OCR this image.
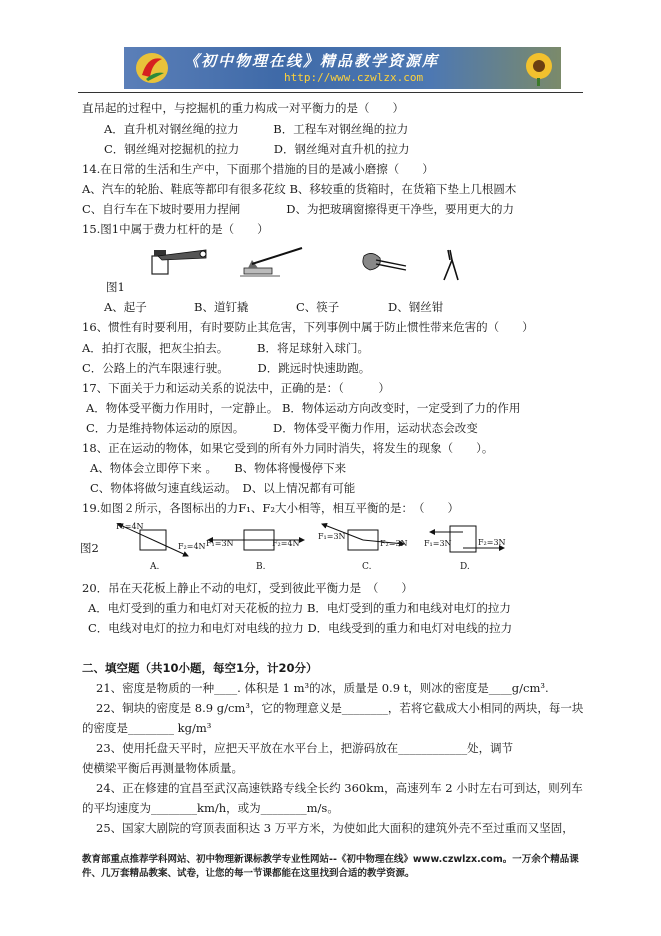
《初中物理在线》精品教学资源库
http://www.czwlzx.com
直吊起的过程中，与挖掘机的重力构成一对平衡力的是（　　）
A．直升机对钢丝绳的拉力　　　B．工程车对钢丝绳的拉力
C．钢丝绳对挖掘机的拉力　　　D．钢丝绳对直升机的拉力
14.在日常的生活和生产中，下面那个措施的目的是减小磨擦（　　）
A、汽车的轮胎、鞋底等都印有很多花纹 B、移较重的货箱时，在货箱下垫上几根圆木
C、自行车在下坡时要用力捏闸　　　　D、为把玻璃窗擦得更干净些，要用更大的力
15.图1中属于费力杠杆的是（　　）
图1
A、起子	B、道钉撬	C、筷子	D、钢丝钳
16、惯性有时要利用，有时要防止其危害，下列事例中属于防止惯性带来危害的（　　）
A．拍打衣服，把灰尘拍去。　　　B．将足球射入球门。
C．公路上的汽车限速行驶。　　　D．跳远时快速助跑。
17、下面关于力和运动关系的说法中，正确的是：（　　　）
A．物体受平衡力作用时，一定静止。 B．物体运动方向改变时，一定受到了力的作用
C．力是维持物体运动的原因。　　　D．物体受平衡力作用，运动状态会改变
18、正在运动的物体，如果它受到的所有外力同时消失，将发生的现象（　　）。
A、物体会立即停下来 。　　B、物体将慢慢停下来
C、物体将做匀速直线运动。　D、以上情况都有可能
19.如图２所示，各图标出的力F₁、F₂大小相等，相互平衡的是：　（　　）
图2
F₁=4N
F₂=4N F₁=3N	F₂=4N
F₁=3N
F₂=3N F₁=3N	F₂=3N
A.	B.	C.	D.
20．吊在天花板上静止不动的电灯，受到彼此平衡力是　（　　）
A．电灯受到的重力和电灯对天花板的拉力 B．电灯受到的重力和电线对电灯的拉力
C．电线对电灯的拉力和电灯对电线的拉力 D．电线受到的重力和电灯对电线的拉力
二、填空题（共10小题，每空1分，计20分）
21、密度是物质的一种____. 体积是 1 m³的冰，质量是 0.9 t，则冰的密度是____g/cm³.
22、铜块的密度是 8.9 g/cm³，它的物理意义是________，若将它截成大小相同的两块，每一块
的密度是________ kg/m³
23、使用托盘天平时，应把天平放在水平台上，把游码放在____________处，调节
使横梁平衡后再测量物体质量。
24、正在修建的宜昌至武汉高速铁路专线全长约 360km，高速列车 2 小时左右可到达，则列车
的平均速度为________km/h，或为________m/s。
25、国家大剧院的穹顶表面积达 3 万平方米，为使如此大面积的建筑外壳不至过重而又坚固，
教育部重点推荐学科网站、初中物理新课标教学专业性网站--《初中物理在线》www.czwlzx.com。一万余个精品课
件、几万套精品教案、试卷，让您的每一节课都能在这里找到合适的教学资源。
